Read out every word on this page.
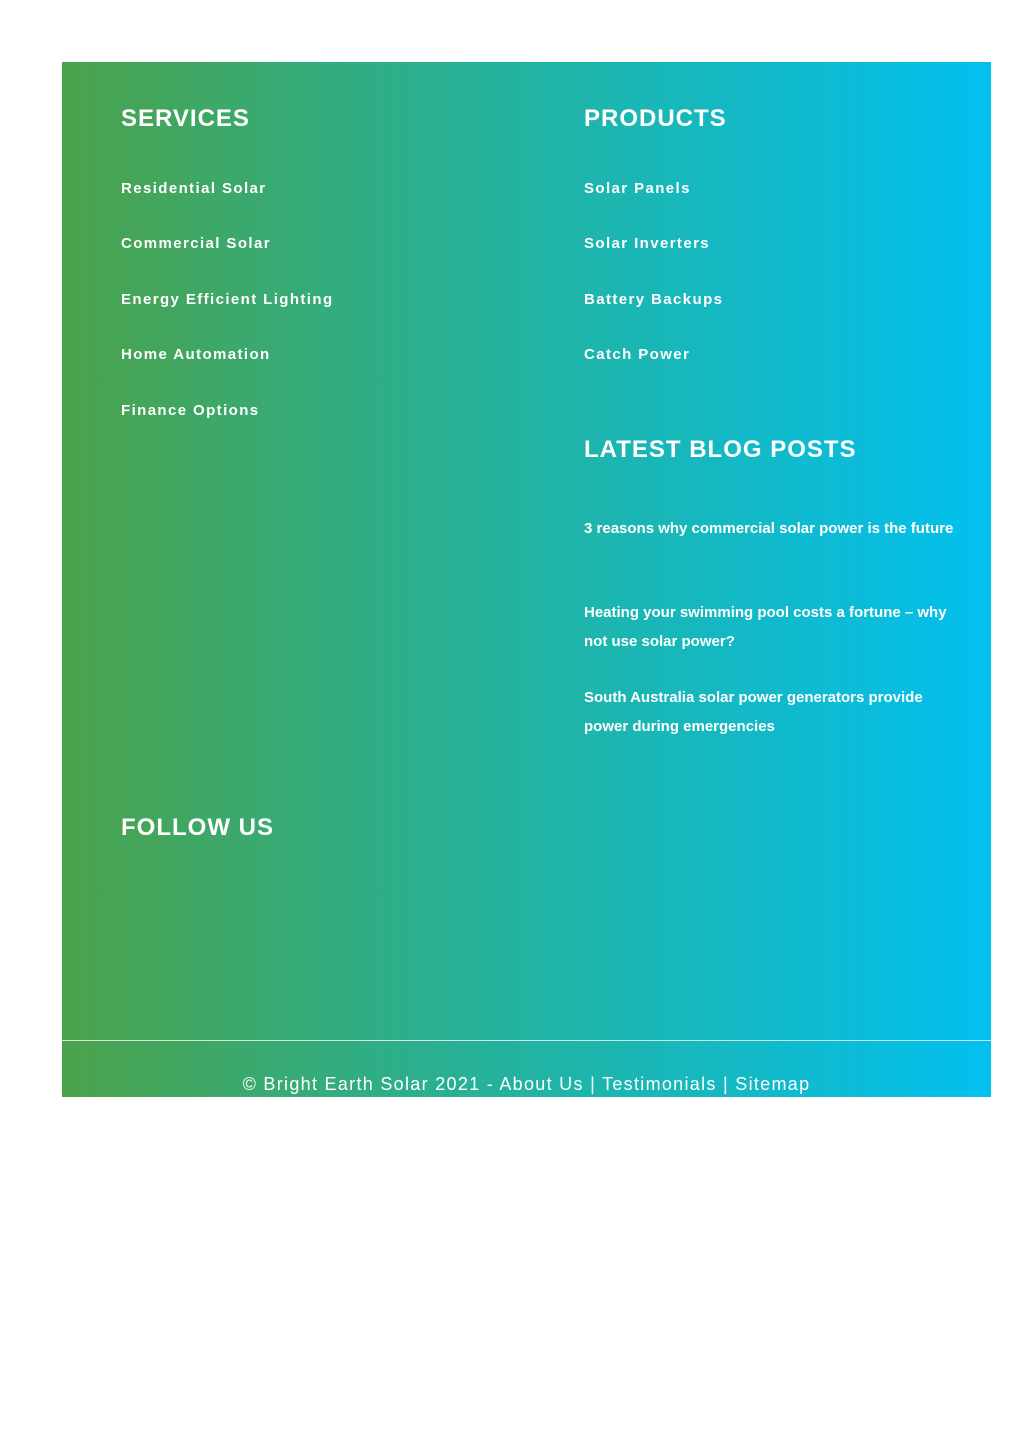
SERVICES
Residential Solar
Commercial Solar
Energy Efficient Lighting
Home Automation
Finance Options
FOLLOW US
PRODUCTS
Solar Panels
Solar Inverters
Battery Backups
Catch Power
LATEST BLOG POSTS
3 reasons why commercial solar power is the future
Heating your swimming pool costs a fortune – why not use solar power?
South Australia solar power generators provide power during emergencies
© Bright Earth Solar 2021 - About Us | Testimonials | Sitemap
